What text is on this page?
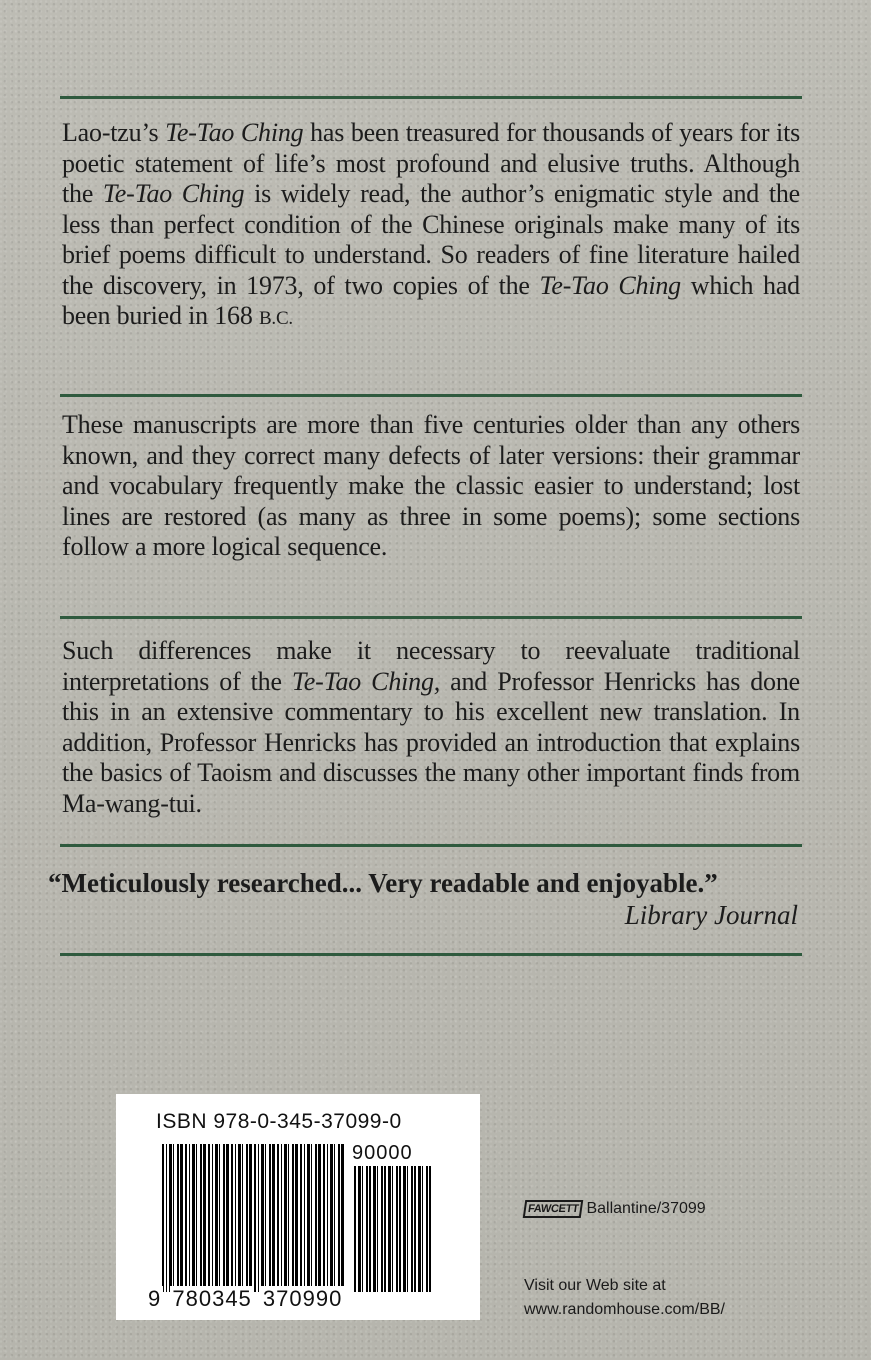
Lao-tzu’s Te-Tao Ching has been treasured for thousands of years for its poetic statement of life’s most profound and elusive truths. Although the Te-Tao Ching is widely read, the author’s enigmatic style and the less than perfect condition of the Chinese originals make many of its brief poems difficult to understand. So readers of fine literature hailed the discovery, in 1973, of two copies of the Te-Tao Ching which had been buried in 168 B.C.
These manuscripts are more than five centuries older than any others known, and they correct many defects of later versions: their grammar and vocabulary frequently make the classic easier to understand; lost lines are restored (as many as three in some poems); some sections follow a more logical sequence.
Such differences make it necessary to reevaluate traditional interpretations of the Te-Tao Ching, and Professor Henricks has done this in an extensive commentary to his excellent new translation. In addition, Professor Henricks has provided an introduction that explains the basics of Taoism and discusses the many other important finds from Ma-wang-tui.
“Meticulously researched... Very readable and enjoyable.”
Library Journal
ISBN 978-0-345-37099-0
90000
9 780345 370990
FAWCETT Ballantine/37099
Visit our Web site at
www.randomhouse.com/BB/
